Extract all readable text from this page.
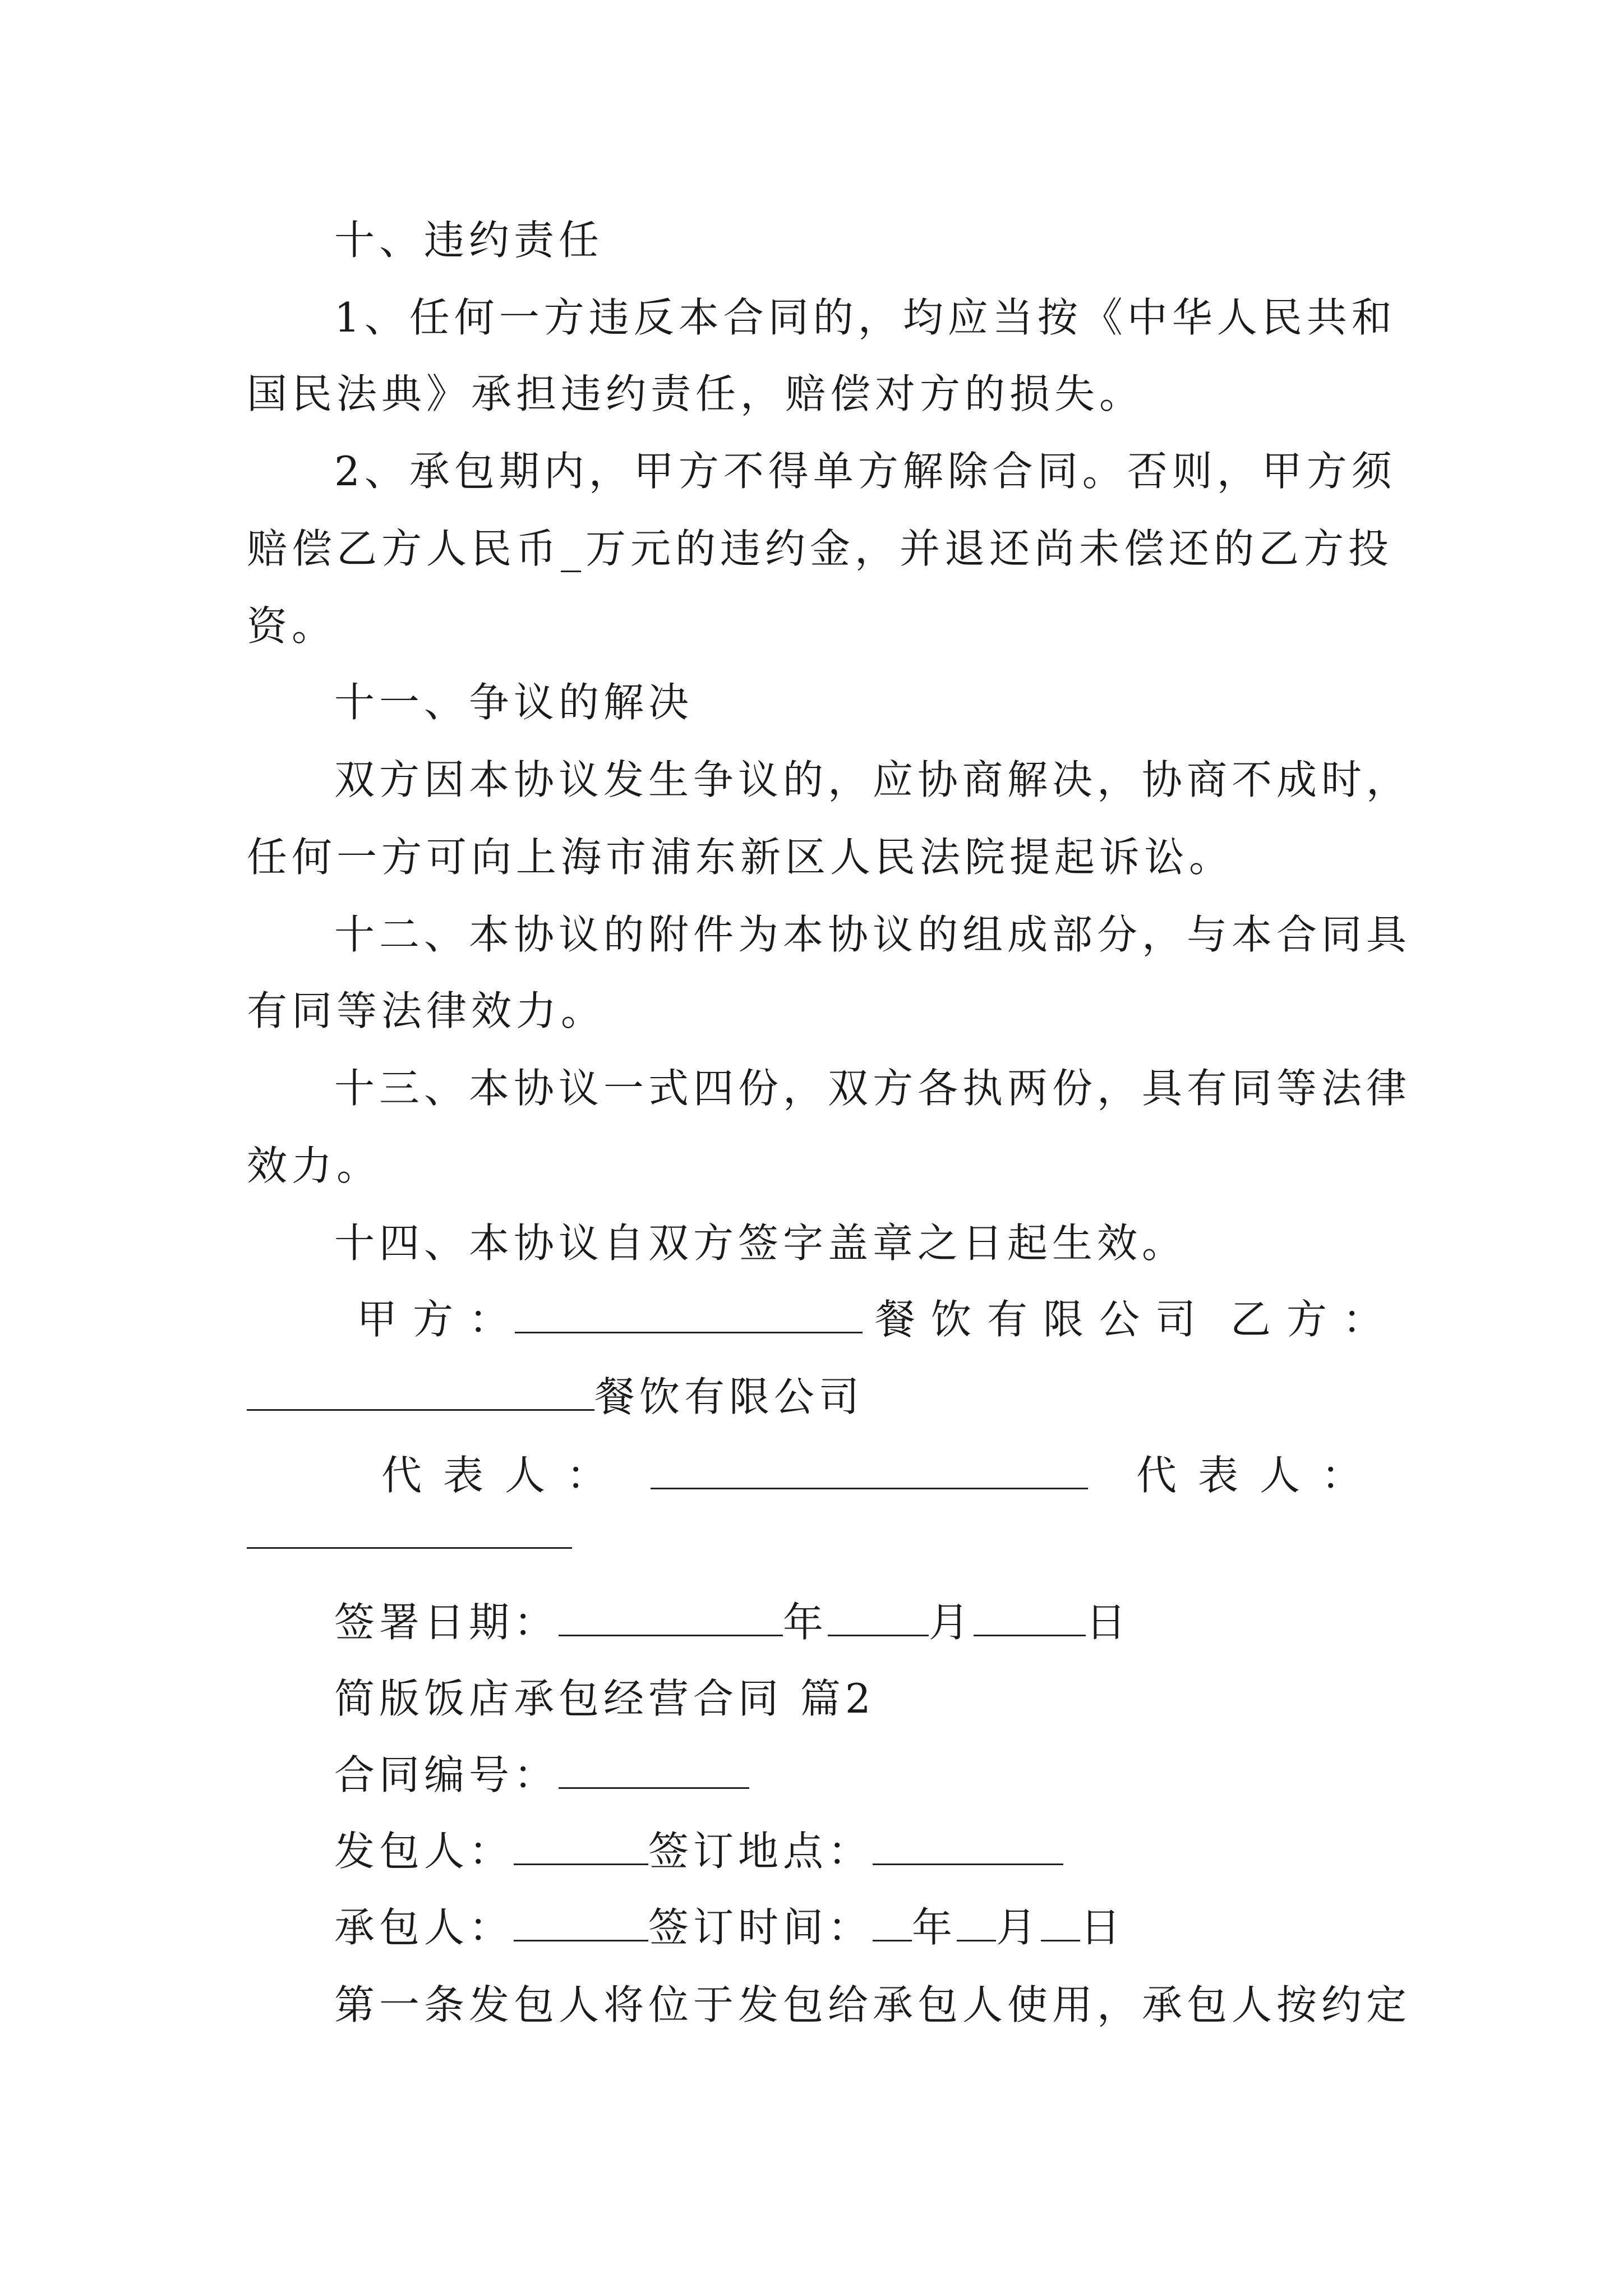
十、违约责任
1、任何一方违反本合同的，均应当按《中华人民共和
国民法典》承担违约责任，赔偿对方的损失。
2、承包期内，甲方不得单方解除合同。否则，甲方须
赔偿乙方人民币_万元的违约金，并退还尚未偿还的乙方投
资。
十一、争议的解决
双方因本协议发生争议的，应协商解决，协商不成时，
任何一方可向上海市浦东新区人民法院提起诉讼。
十二、本协议的附件为本协议的组成部分，与本合同具
有同等法律效力。
十三、本协议一式四份，双方各执两份，具有同等法律
效力。
十四、本协议自双方签字盖章之日起生效。
甲方：	餐饮有限公司 乙方：
餐饮有限公司
代表人：	代表人：
签署日期：	年	月	日
简版饭店承包经营合同 篇2
合同编号：
发包人：	签订地点：
承包人：	签订时间： 年 月 日
第一条发包人将位于发包给承包人使用，承包人按约定
